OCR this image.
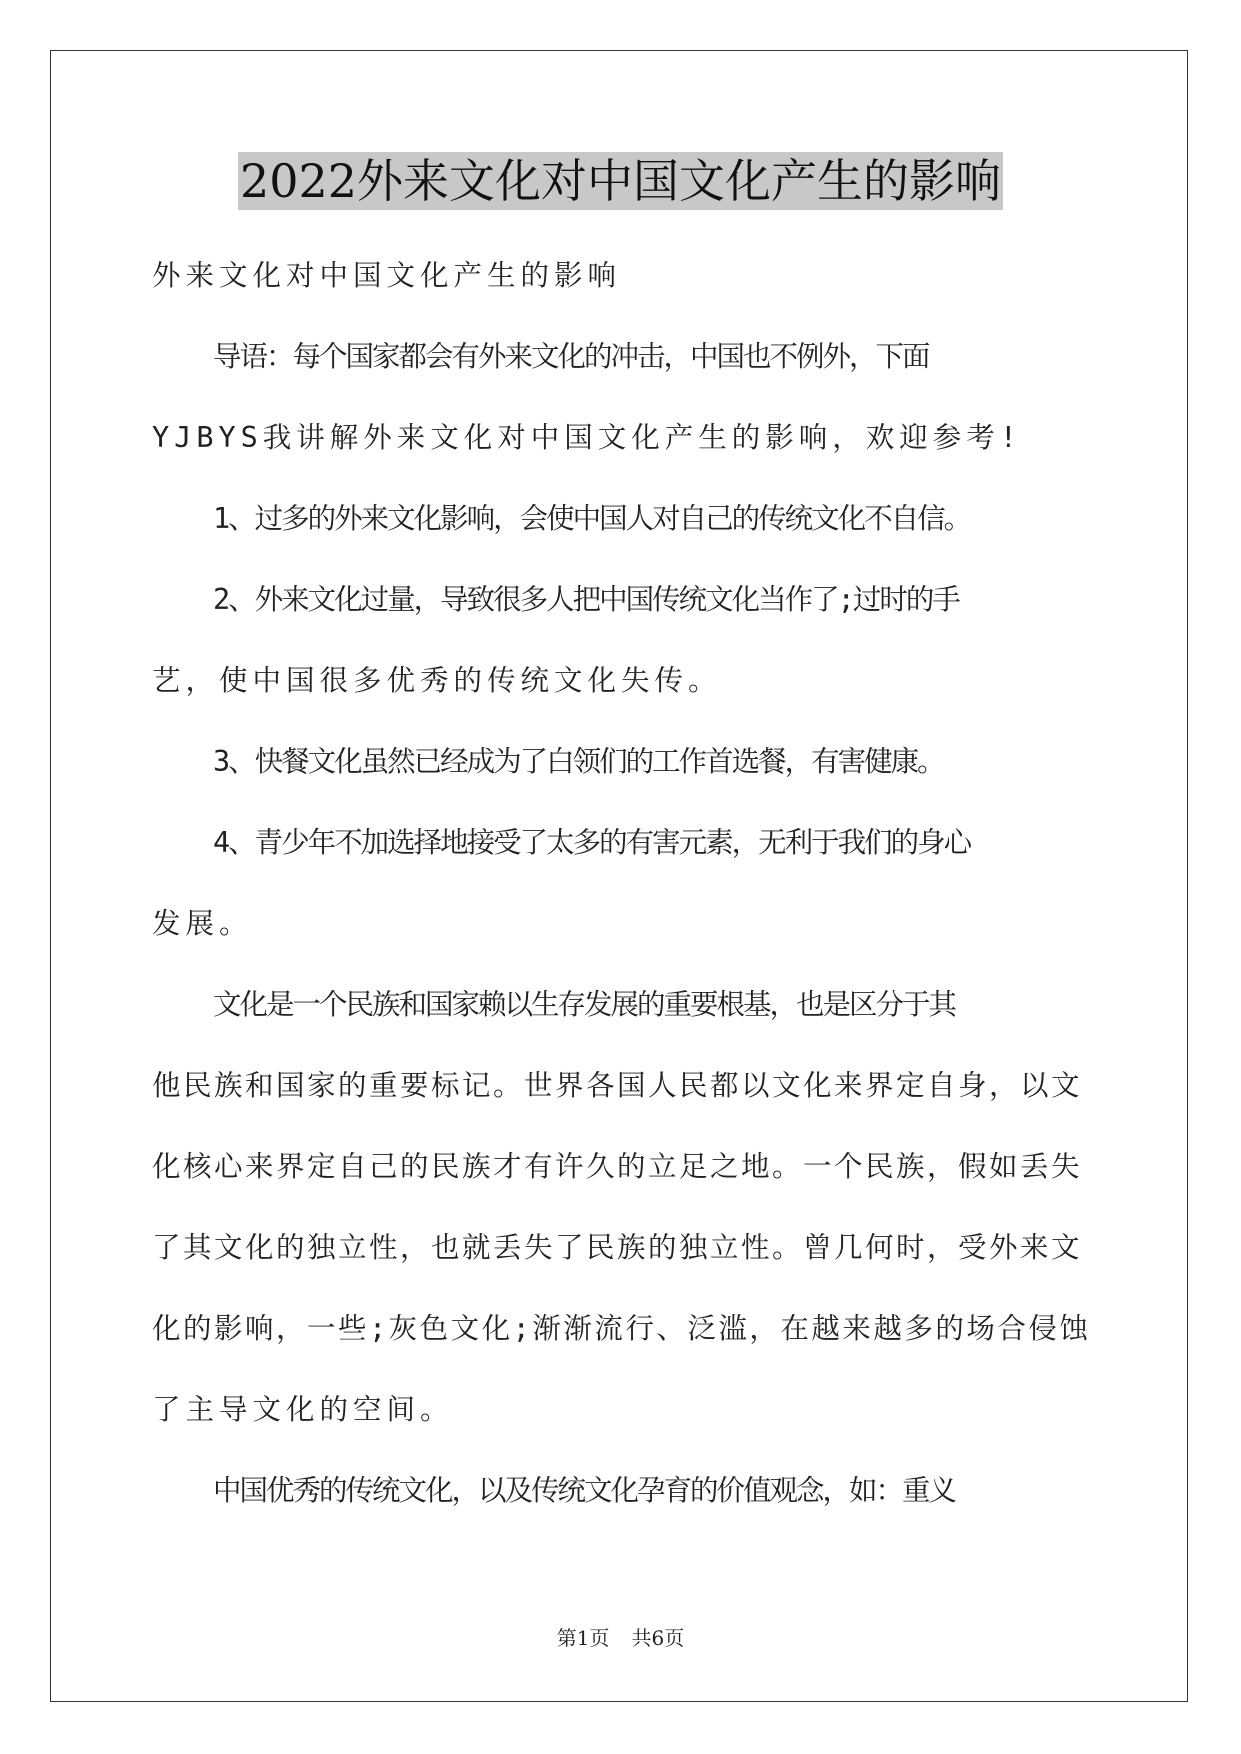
2022外来文化对中国文化产生的影响

外来文化对中国文化产生的影响

导语：每个国家都会有外来文化的冲击，中国也不例外，下面

YJBYS我讲解外来文化对中国文化产生的影响，欢迎参考!

1、过多的外来文化影响，会使中国人对自己的传统文化不自信。

2、外来文化过量，导致很多人把中国传统文化当作了;过时的手

艺，使中国很多优秀的传统文化失传。

3、快餐文化虽然已经成为了白领们的工作首选餐，有害健康。

4、青少年不加选择地接受了太多的有害元素，无利于我们的身心

发展。

文化是一个民族和国家赖以生存发展的重要根基，也是区分于其

他民族和国家的重要标记。世界各国人民都以文化来界定自身，以文

化核心来界定自己的民族才有许久的立足之地。一个民族，假如丢失

了其文化的独立性，也就丢失了民族的独立性。曾几何时，受外来文

化的影响，一些;灰色文化;渐渐流行、泛滥，在越来越多的场合侵蚀

了主导文化的空间。

中国优秀的传统文化，以及传统文化孕育的价值观念，如：重义

第1页 共6页
